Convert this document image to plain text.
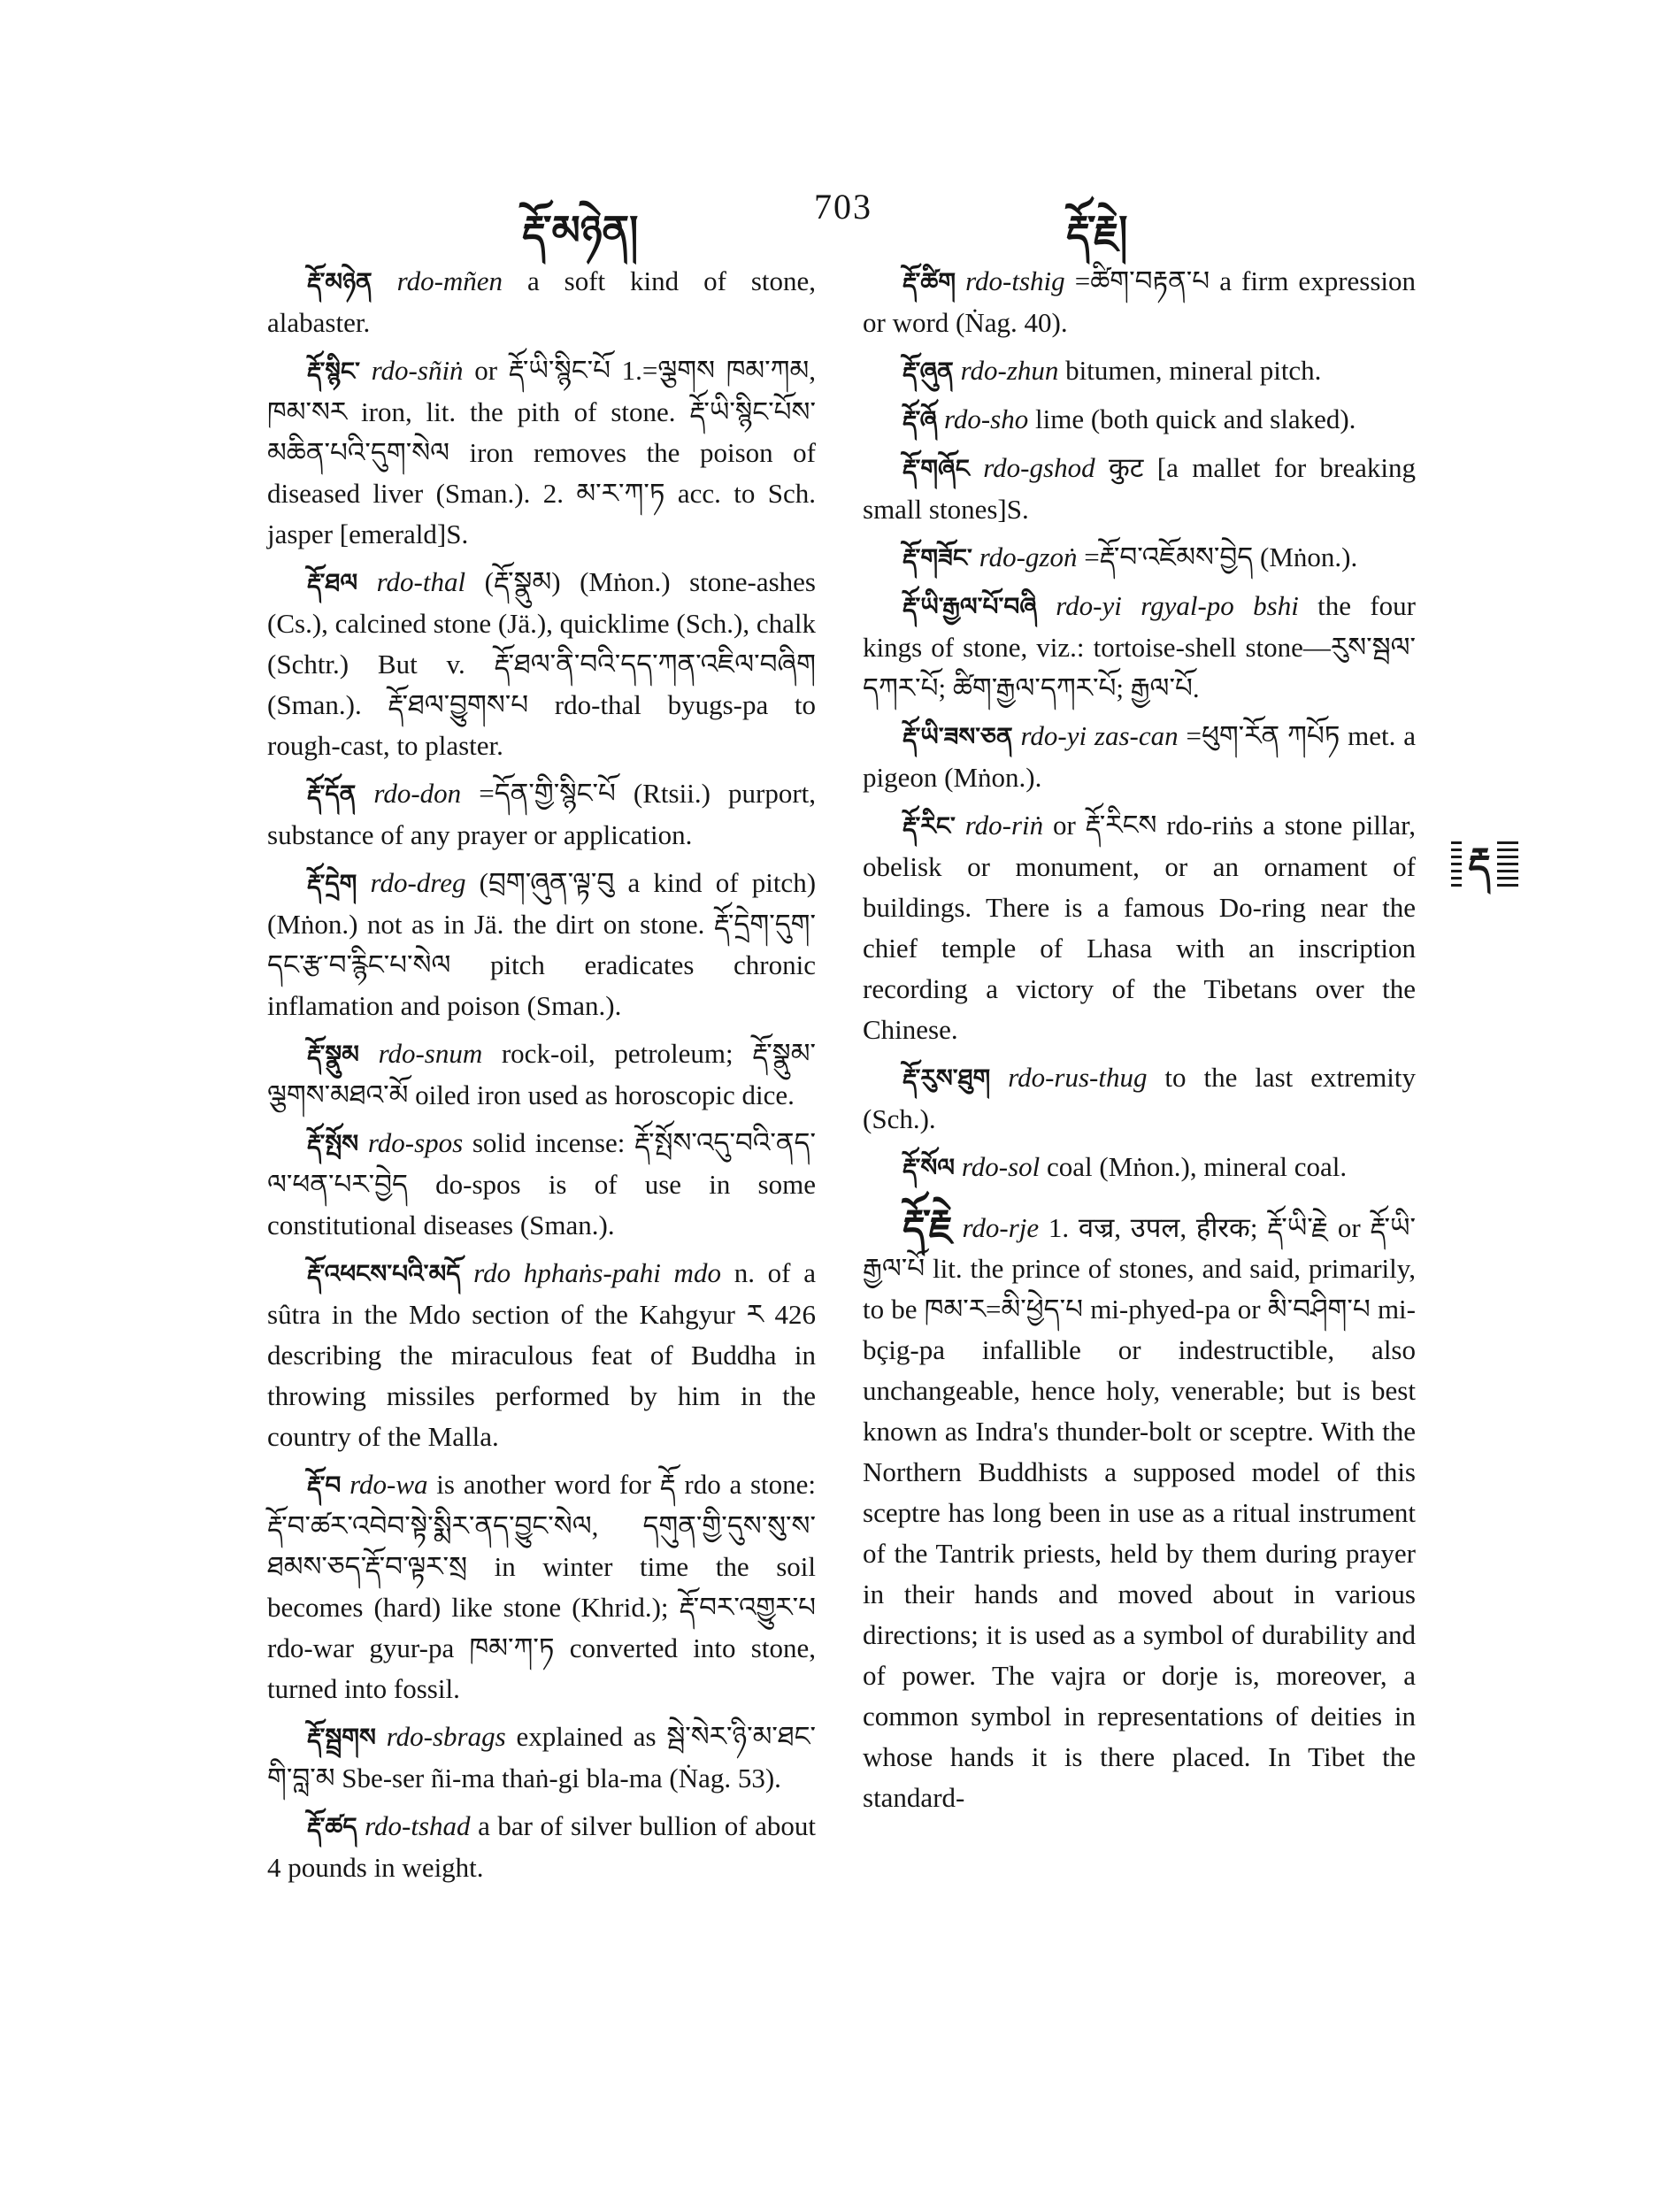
རྡོ་མཉེན།	703	རྡོ་རྗེ།

རྡོ་མཉེན rdo-mñen a soft kind of stone, alabaster.

རྡོ་སྙིང་ rdo-sñiṅ or རྡོ་ཡི་སྙིང་པོ 1.=ལྕགས ཁམ་ཀམ, ཁམ་སར iron, lit. the pith of stone. རྡོ་ཡི་སྙིང་པོས་མཆིན་པའི་དུག་སེལ iron removes the poison of diseased liver (Sman.). 2. མ་ར་ཀ་ཏ acc. to Sch. jasper [emerald]S.

རྡོ་ཐལ rdo-thal (རྡོ་སྣུམ) (Mṅon.) stone-ashes (Cs.), calcined stone (Jä.), quicklime (Sch.), chalk (Schtr.) But v. རྡོ་ཐལ་ནི་བའི་དད་ཀན་འཇིལ་བཞིག (Sman.). རྡོ་ཐལ་བྱུགས་པ rdo-thal byugs-pa to rough-cast, to plaster.

རྡོ་དོན rdo-don =དོན་གྱི་སྙིང་པོ (Rtsii.) purport, substance of any prayer or application.

རྡོ་དྲེག rdo-dreg (བྲག་ཞུན་ལྟ་བུ a kind of pitch) (Mṅon.) not as in Jä. the dirt on stone. རྡོ་དྲེག་དུག་དང་རྩ་བ་རྙིང་པ་སེལ pitch eradicates chronic inflamation and poison (Sman.).

རྡོ་སྣུམ rdo-snum rock-oil, petroleum; རྡོ་སྣུམ་ལྕགས་མཐའ་མོ oiled iron used as horoscopic dice.

རྡོ་སྤོས rdo-spos solid incense: རྡོ་སྤོས་འདུ་བའི་ནད་ལ་ཕན་པར་བྱེད do-spos is of use in some constitutional diseases (Sman.).

རྡོ་འཕངས་པའི་མདོ rdo hphaṅs-pahi mdo n. of a sûtra in the Mdo section of the Kahgyur ར 426 describing the miraculous feat of Buddha in throwing missiles performed by him in the country of the Malla.

རྡོ་བ rdo-wa is another word for རྡོ rdo a stone: རྡོ་བ་ཚར་འབེབ་སྟེ་སྨིར་ནད་བྱུང་སེལ, དགུན་གྱི་དུས་སུ་ས་ཐམས་ཅད་རྡོ་བ་ལྟར་སྲ in winter time the soil becomes (hard) like stone (Khrid.); རྡོ་བར་འགྱུར་པ rdo-war gyur-pa ཁམ་ཀ་ཏ converted into stone, turned into fossil.

རྡོ་སྦྲགས rdo-sbrags explained as སྦེ་སེར་ཉི་མ་ཐང་གི་བླ་མ Sbe-ser ñi-ma thaṅ-gi bla-ma (Ṅag. 53).

རྡོ་ཚད rdo-tshad a bar of silver bullion of about 4 pounds in weight.

རྡོ་ཚིག rdo-tshig =ཚིག་བརྟན་པ a firm expression or word (Ṅag. 40).

རྡོ་ཞུན rdo-zhun bitumen, mineral pitch.

རྡོ་ཞོ rdo-sho lime (both quick and slaked).

རྡོ་གཞོང rdo-gshod कुट [a mallet for breaking small stones]S.

རྡོ་གཟོང་ rdo-gzoṅ =རྡོ་བ་འཇོམས་བྱེད (Mṅon.).

རྡོ་ཡི་རྒྱལ་པོ་བཞི rdo-yi rgyal-po bshi the four kings of stone, viz.: tortoise-shell stone—རུས་སྦལ་དཀར་པོ; ཚིག་རྒྱལ་དཀར་པོ; རྒྱལ་པོ.

རྡོ་ཡི་ཟས་ཅན rdo-yi zas-can =ཕུག་རོན ཀཔོཏ met. a pigeon (Mṅon.).

རྡོ་རིང་ rdo-riṅ or རྡོ་རིངས rdo-riṅs a stone pillar, obelisk or monument, or an ornament of buildings. There is a famous Do-ring near the chief temple of Lhasa with an inscription recording a victory of the Tibetans over the Chinese.

རྡོ་རུས་ཐུག rdo-rus-thug to the last extremity (Sch.).

རྡོ་སོལ rdo-sol coal (Mṅon.), mineral coal.

རྡོ་རྗེ rdo-rje 1. वज्र, उपल, हीरक; རྡོ་ཡི་རྗེ or རྡོ་ཡི་རྒྱལ་པོ lit. the prince of stones, and said, primarily, to be ཁམ་ར=མི་ཕྱེད་པ mi-phyed-pa or མི་བཤིག་པ mi-bçig-pa infallible or indestructible, also unchangeable, hence holy, venerable; but is best known as Indra's thunder-bolt or sceptre. With the Northern Buddhists a supposed model of this sceptre has long been in use as a ritual instrument of the Tantrik priests, held by them during prayer in their hands and moved about in various directions; it is used as a symbol of durability and of power. The vajra or dorje is, moreover, a common symbol in representations of deities in whose hands it is there placed. In Tibet the standard-

རྡ
